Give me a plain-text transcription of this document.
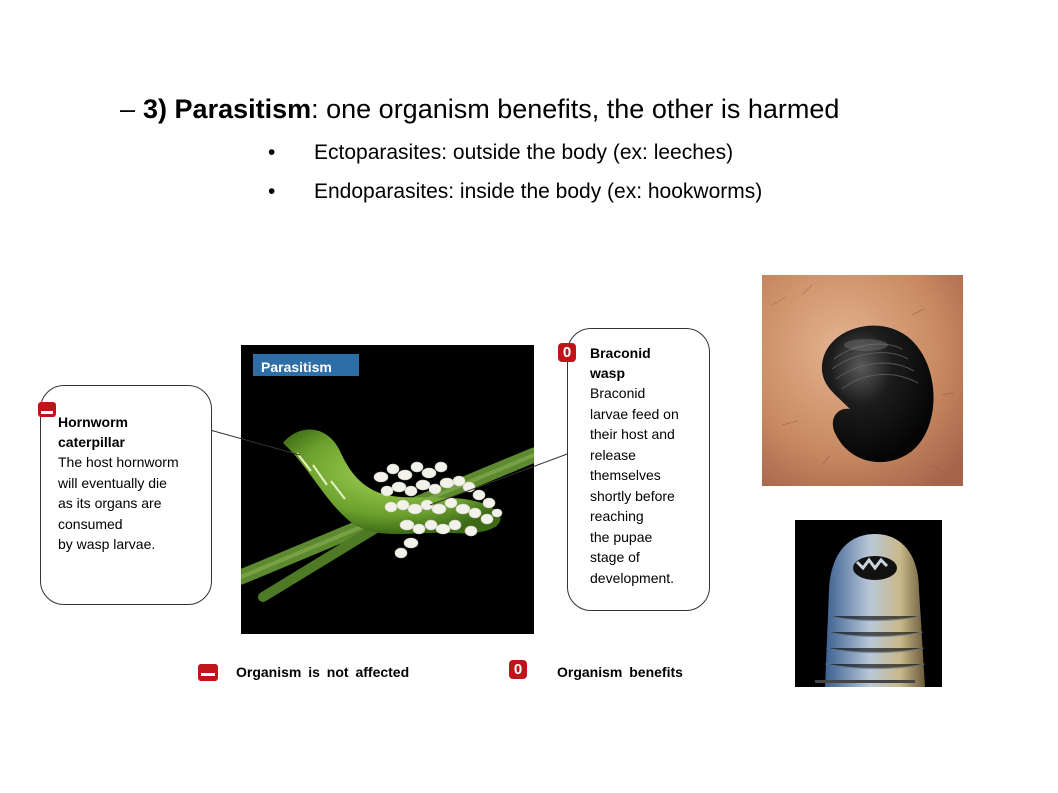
– 3) Parasitism: one organism benefits, the other is harmed
• Ectoparasites: outside the body (ex: leeches)
• Endoparasites: inside the body (ex: hookworms)
Parasitism
Hornworm
caterpillar
The host hornworm
will eventually die
as its organs are
consumed
by wasp larvae.
Braconid
wasp
Braconid
larvae feed on
their host and
release
themselves
shortly before
reaching
the pupae
stage of
development.
0
Organism is not affected	0	Organism benefits
